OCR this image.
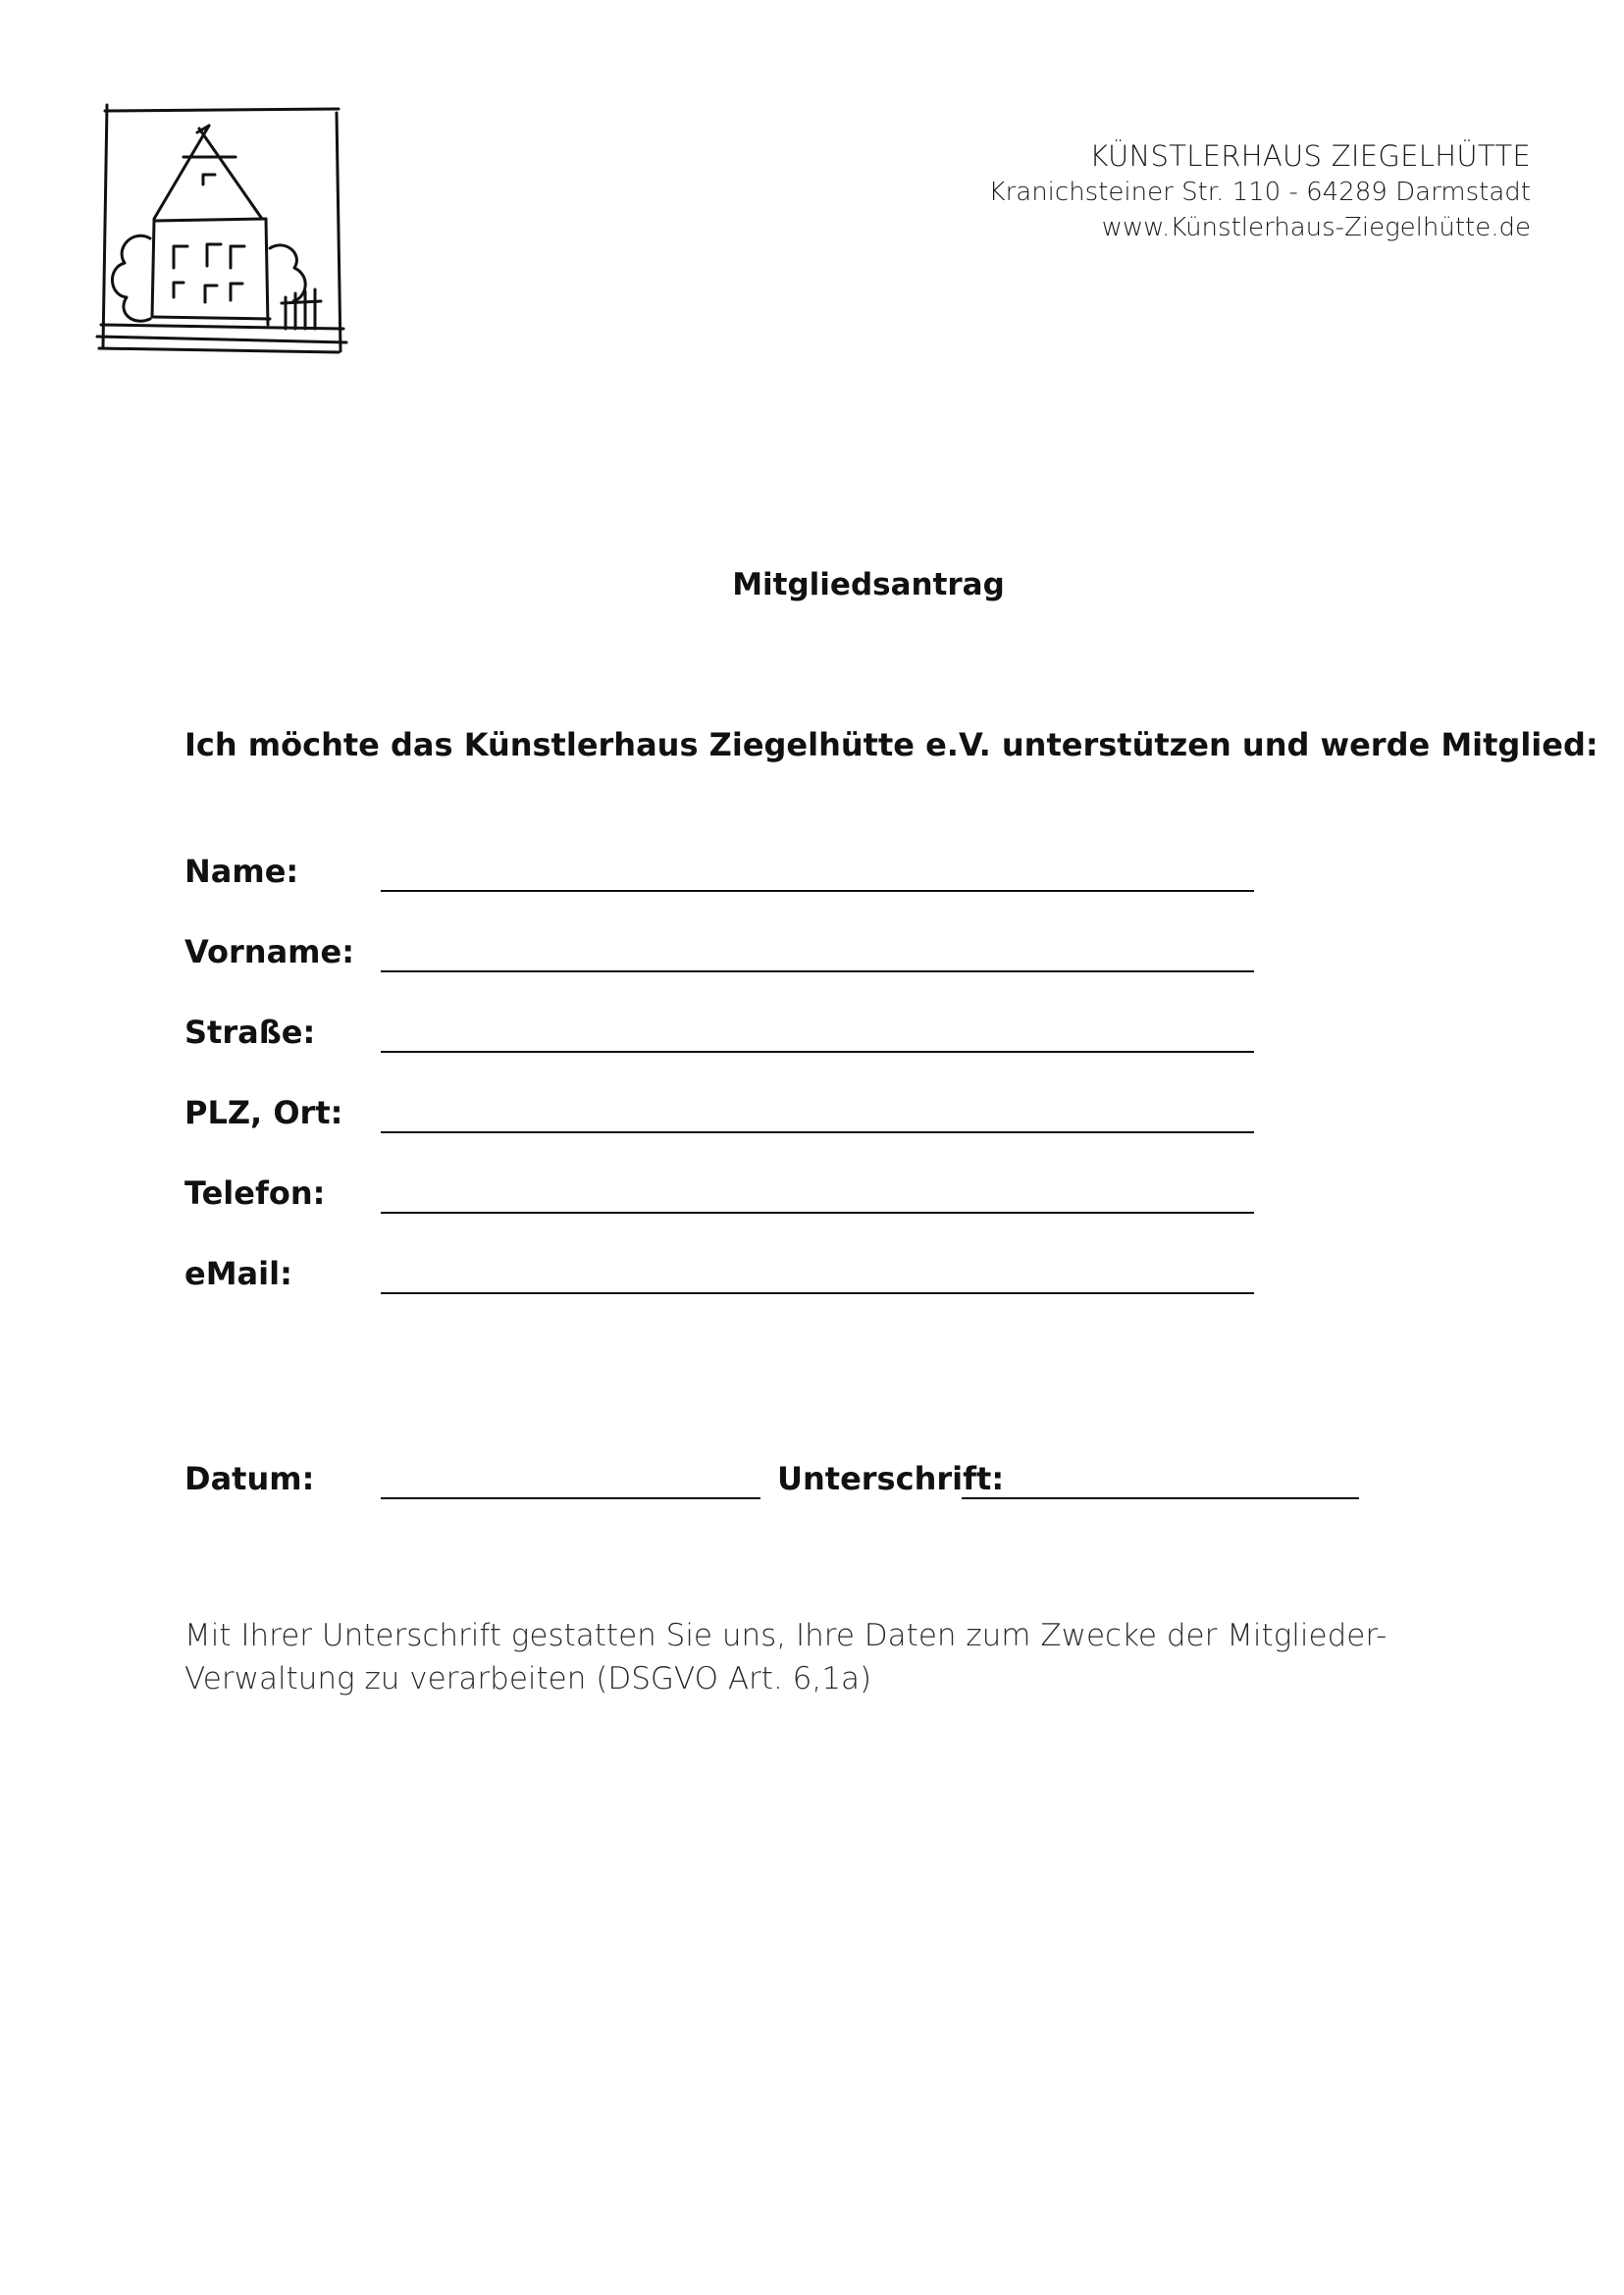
KÜNSTLERHAUS ZIEGELHÜTTE
Kranichsteiner Str. 110 - 64289 Darmstadt
www.Künstlerhaus-Ziegelhütte.de
Mitgliedsantrag
Ich möchte das Künstlerhaus Ziegelhütte e.V. unterstützen und werde Mitglied:
Name:
Vorname:
Straße:
PLZ, Ort:
Telefon:
eMail:
Datum:	Unterschrift:
Mit Ihrer Unterschrift gestatten Sie uns, Ihre Daten zum Zwecke der Mitglieder-
Verwaltung zu verarbeiten (DSGVO Art. 6,1a)
